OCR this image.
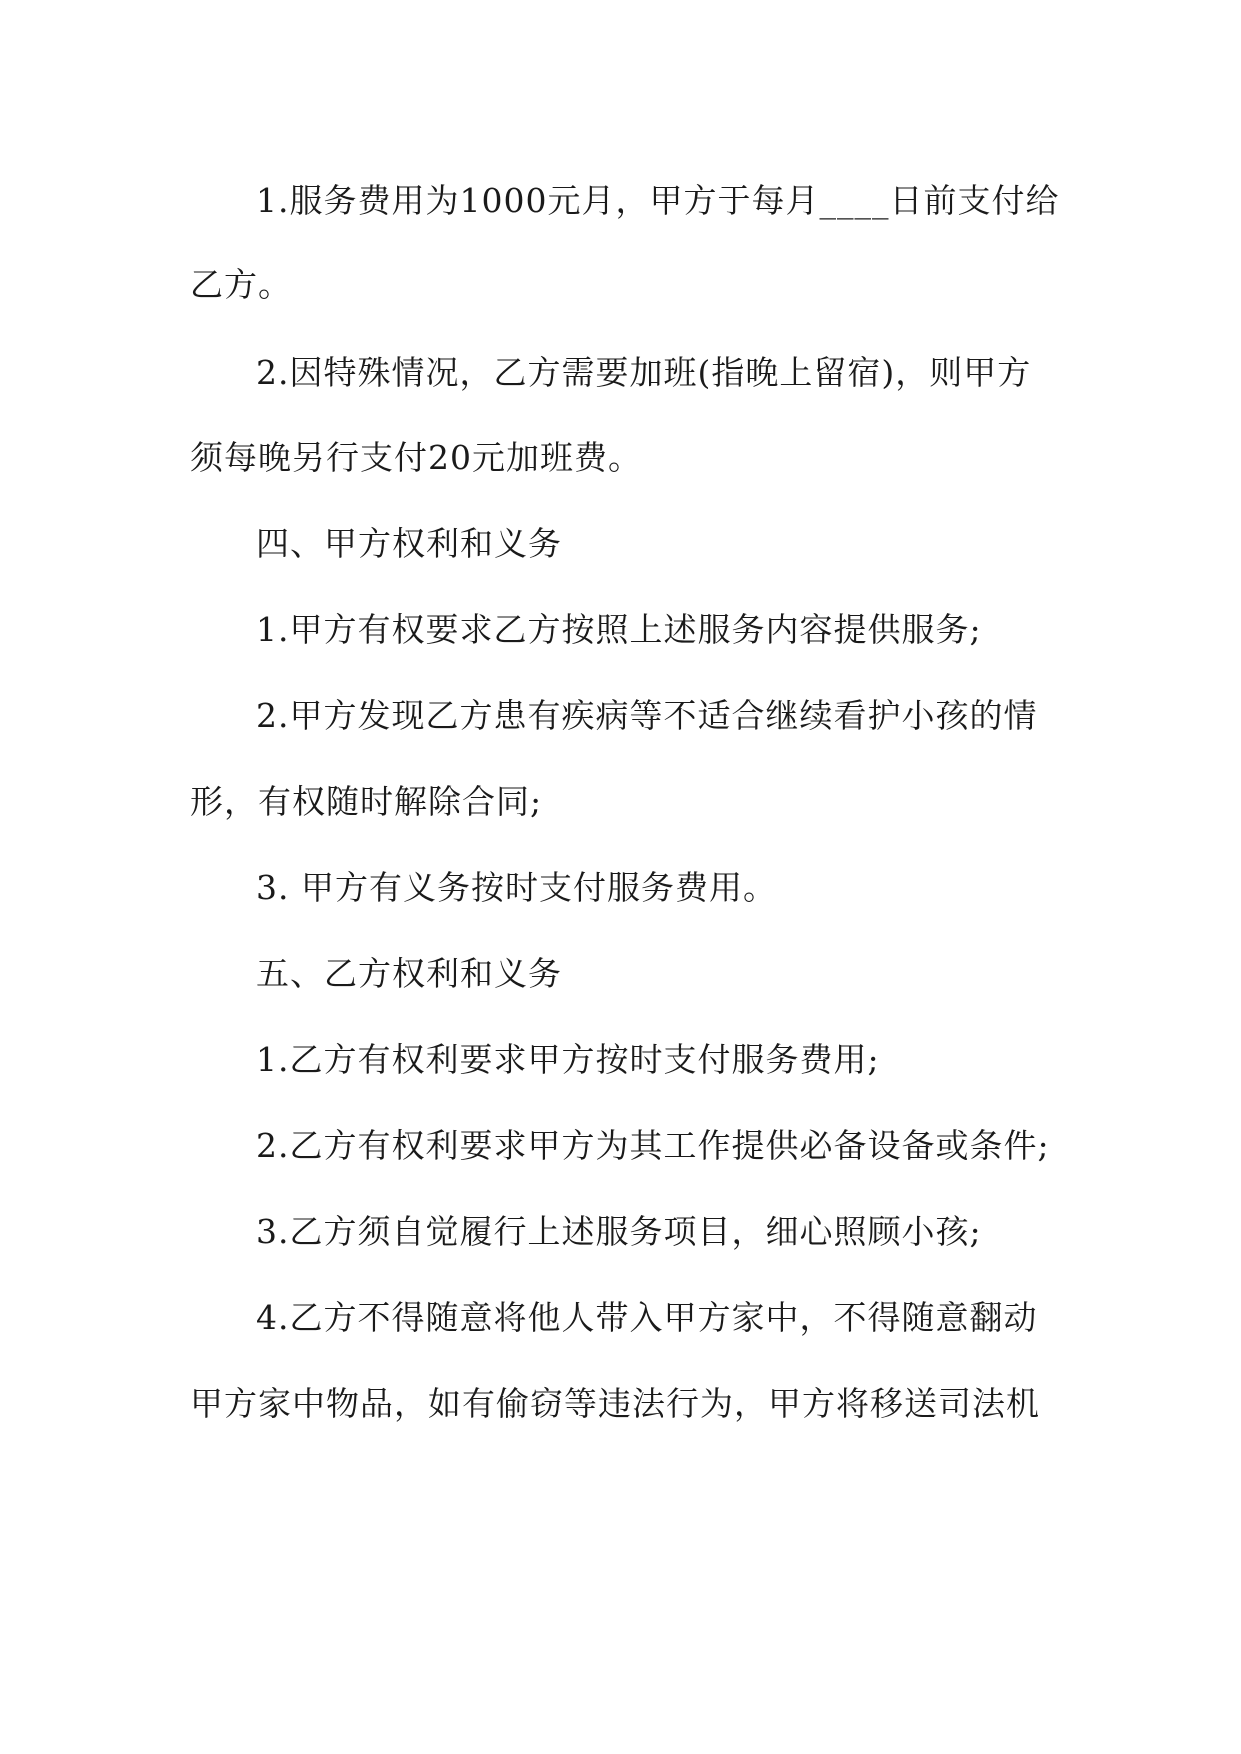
1.服务费用为1000元月，甲方于每月____日前支付给
乙方。
2.因特殊情况，乙方需要加班(指晚上留宿)，则甲方
须每晚另行支付20元加班费。
四、甲方权利和义务
1.甲方有权要求乙方按照上述服务内容提供服务;
2.甲方发现乙方患有疾病等不适合继续看护小孩的情
形，有权随时解除合同;
3. 甲方有义务按时支付服务费用。
五、乙方权利和义务
1.乙方有权利要求甲方按时支付服务费用;
2.乙方有权利要求甲方为其工作提供必备设备或条件;
3.乙方须自觉履行上述服务项目，细心照顾小孩;
4.乙方不得随意将他人带入甲方家中，不得随意翻动
甲方家中物品，如有偷窃等违法行为，甲方将移送司法机
